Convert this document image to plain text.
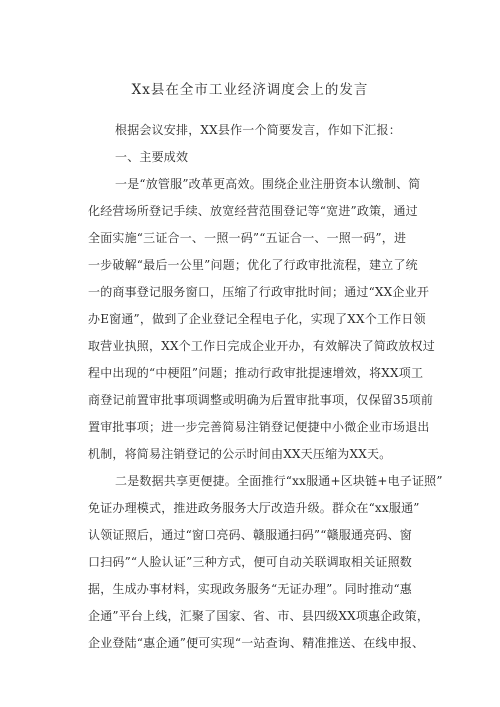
Xx县在全市工业经济调度会上的发言
根据会议安排，XX县作一个简要发言，作如下汇报：
一、主要成效
一是“放管服”改革更高效。围绕企业注册资本认缴制、简
化经营场所登记手续、放宽经营范围登记等“宽进”政策，通过
全面实施“三证合一、一照一码”“五证合一、一照一码”，进
一步破解“最后一公里”问题；优化了行政审批流程，建立了统
一的商事登记服务窗口，压缩了行政审批时间；通过“XX企业开
办E窗通”，做到了企业登记全程电子化，实现了XX个工作日领
取营业执照，XX个工作日完成企业开办，有效解决了简政放权过
程中出现的“中梗阻”问题；推动行政审批提速增效，将XX项工
商登记前置审批事项调整或明确为后置审批事项，仅保留35项前
置审批事项；进一步完善简易注销登记便捷中小微企业市场退出
机制，将简易注销登记的公示时间由XX天压缩为XX天。
二是数据共享更便捷。全面推行“xx服通+区块链+电子证照”
免证办理模式，推进政务服务大厅改造升级。群众在“xx服通”
认领证照后，通过“窗口亮码、赣服通扫码”“赣服通亮码、窗
口扫码”“人脸认证”三种方式，便可自动关联调取相关证照数
据，生成办事材料，实现政务服务“无证办理”。同时推动“惠
企通”平台上线，汇聚了国家、省、市、县四级XX项惠企政策，
企业登陆“惠企通”便可实现“一站查询、精准推送、在线申报、
